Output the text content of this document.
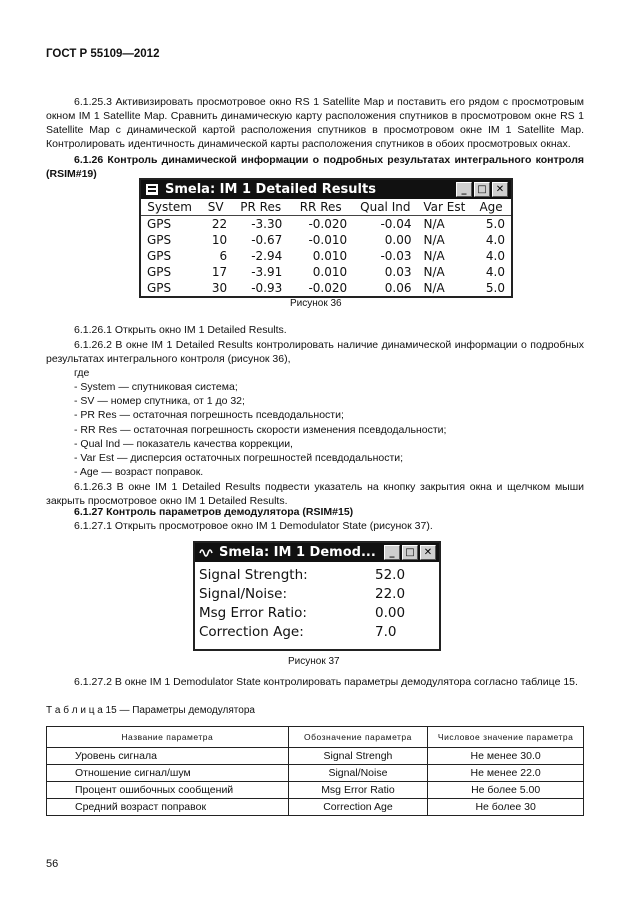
ГОСТ Р 55109—2012
6.1.25.3 Активизировать просмотровое окно RS 1 Satellite Map и поставить его рядом с просмотровым окном IM 1 Satellite Map. Сравнить динамическую карту расположения спутников в просмотровом окне RS 1 Satellite Map с динамической картой расположения спутников в просмотровом окне IM 1 Satellite Map. Контролировать идентичность динамической карты расположения спутников в обоих просмотровых окнах.
6.1.26 Контроль динамической информации о подробных результатах интегрального контроля (RSIM#19)
Smela: IM 1 Detailed Results	_	□ ✕
System	SV	PR Res	RR Res	Qual Ind	Var Est	Age
GPS	22	-3.30	-0.020	-0.04	N/A	5.0
GPS	10	-0.67	-0.010	0.00	N/A	4.0
GPS	6	-2.94	0.010	-0.03	N/A	4.0
GPS	17	-3.91	0.010	0.03	N/A	4.0
GPS	30	-0.93	-0.020	0.06	N/A	5.0
Рисунок 36
6.1.26.1 Открыть окно IM 1 Detailed Results.
6.1.26.2 В окне IM 1 Detailed Results контролировать наличие динамической информации о подробных результатах интегрального контроля (рисунок 36),
где
- System — спутниковая система;
- SV — номер спутника, от 1 до 32;
- PR Res — остаточная погрешность псевдодальности;
- RR Res — остаточная погрешность скорости изменения псевдодальности;
- Qual Ind — показатель качества коррекции,
- Var Est — дисперсия остаточных погрешностей псевдодальности;
- Age — возраст поправок.
6.1.26.3 В окне IM 1 Detailed Results подвести указатель на кнопку закрытия окна и щелчком мыши закрыть просмотровое окно IM 1 Detailed Results.
6.1.27 Контроль параметров демодулятора (RSIM#15)
6.1.27.1 Открыть просмотровое окно IM 1 Demodulator State (рисунок 37).
Smela: IM 1 Demod...	_	□ ✕
Signal Strength:	52.0
Signal/Noise:	22.0
Msg Error Ratio:	0.00
Correction Age:	7.0
Рисунок 37
6.1.27.2 В окне IM 1 Demodulator State контролировать параметры демодулятора согласно таблице 15.
Т а б л и ц а 15 — Параметры демодулятора
Название параметра	Обозначение параметра	Числовое значение параметра
Уровень сигнала	Signal Strengh	Не менее 30.0
Отношение сигнал/шум	Signal/Noise	Не менее 22.0
Процент ошибочных сообщений	Msg Error Ratio	Не более 5.00
Средний возраст поправок	Correction Age	Не более 30
56
